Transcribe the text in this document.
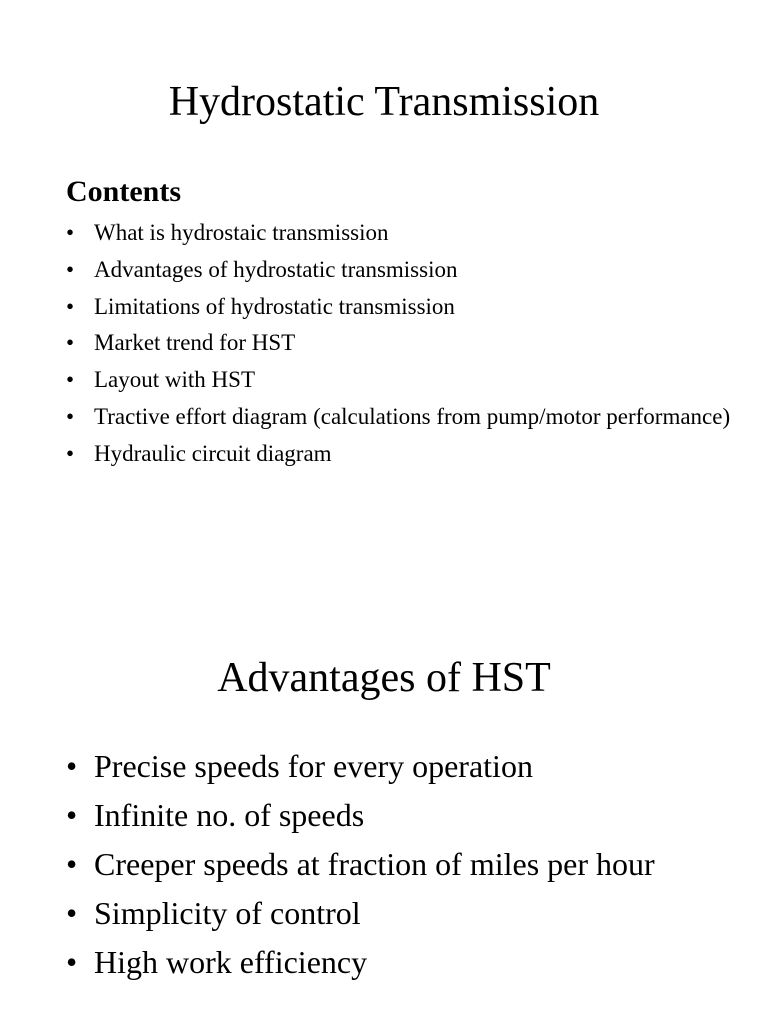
Hydrostatic Transmission
Contents
• What is hydrostaic transmission
• Advantages of hydrostatic transmission
• Limitations of hydrostatic transmission
• Market trend for HST
• Layout with HST
• Tractive effort diagram (calculations from pump/motor performance)
• Hydraulic circuit diagram
Advantages of HST
• Precise speeds for every operation
• Infinite no. of speeds
• Creeper speeds at fraction of miles per hour
• Simplicity of control
• High work efficiency
